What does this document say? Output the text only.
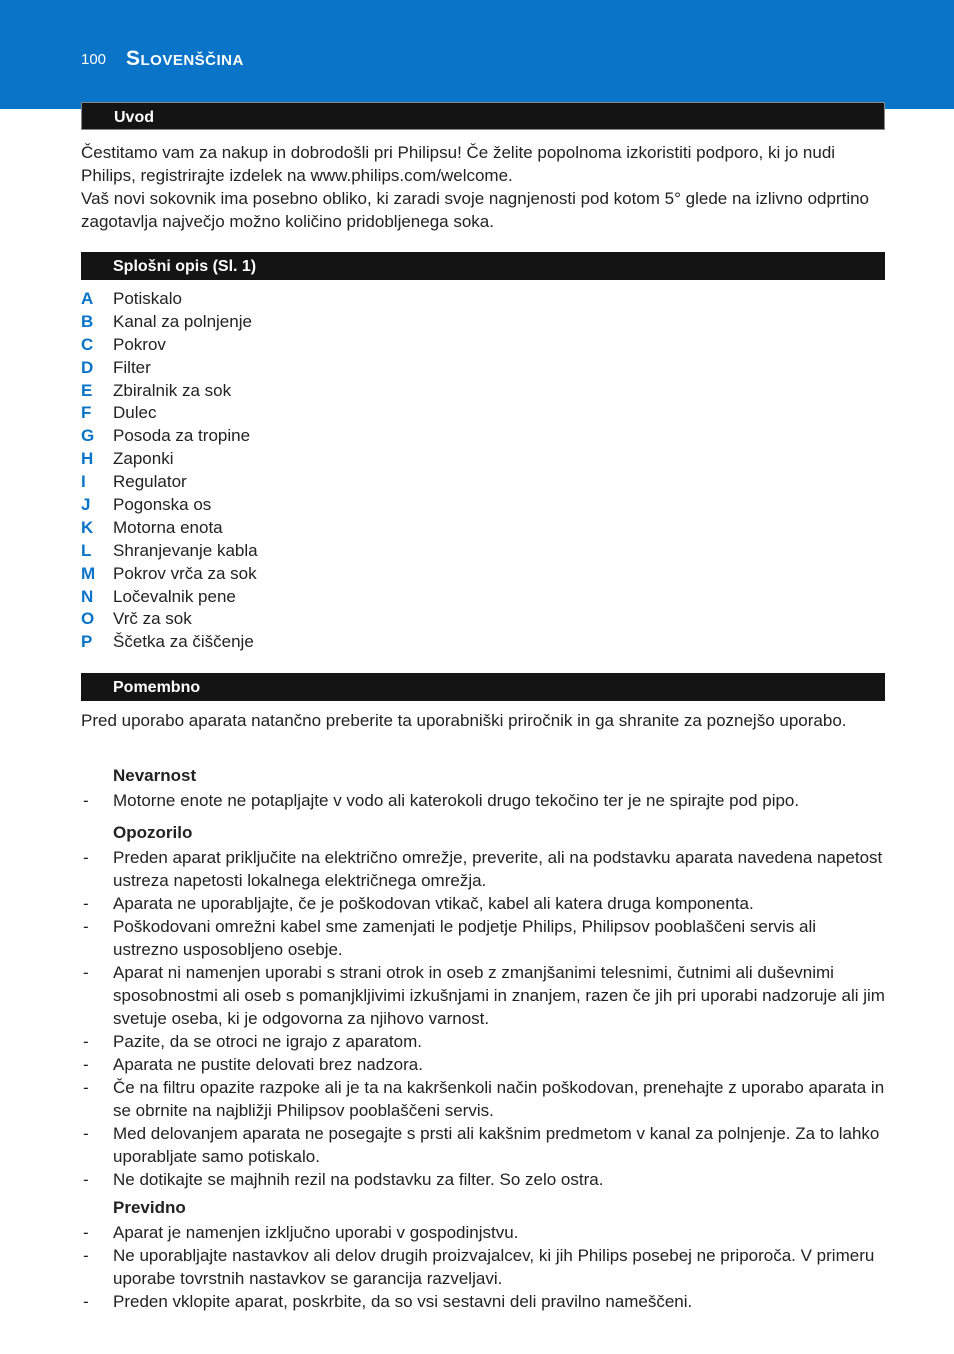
100 Slovenščina
Uvod

Čestitamo vam za nakup in dobrodošli pri Philipsu! Če želite popolnoma izkoristiti podporo, ki jo nudi Philips, registrirajte izdelek na www.philips.com/welcome.

Vaš novi sokovnik ima posebno obliko, ki zaradi svoje nagnjenosti pod kotom 5° glede na izlivno odprtino zagotavlja največjo možno količino pridobljenega soka.

Splošni opis (Sl. 1)
A Potiskalo
B Kanal za polnjenje
C Pokrov
D Filter
E Zbiralnik za sok
F Dulec
G Posoda za tropine
H Zaponki
I Regulator
J Pogonska os
K Motorna enota
L Shranjevanje kabla
M Pokrov vrča za sok
N Ločevalnik pene
O Vrč za sok
P Ščetka za čiščenje
Pomembno

Pred uporabo aparata natančno preberite ta uporabniški priročnik in ga shranite za poznejšo uporabo.

Nevarnost

- Motorne enote ne potapljajte v vodo ali katerokoli drugo tekočino ter je ne spirajte pod pipo.

Opozorilo

- Preden aparat priključite na električno omrežje, preverite, ali na podstavku aparata navedena napetost ustreza napetosti lokalnega električnega omrežja.
- Aparata ne uporabljajte, če je poškodovan vtikač, kabel ali katera druga komponenta.
- Poškodovani omrežni kabel sme zamenjati le podjetje Philips, Philipsov pooblaščeni servis ali ustrezno usposobljeno osebje.
- Aparat ni namenjen uporabi s strani otrok in oseb z zmanjšanimi telesnimi, čutnimi ali duševnimi sposobnostmi ali oseb s pomanjkljivimi izkušnjami in znanjem, razen če jih pri uporabi nadzoruje ali jim svetuje oseba, ki je odgovorna za njihovo varnost.
- Pazite, da se otroci ne igrajo z aparatom.
- Aparata ne pustite delovati brez nadzora.
- Če na filtru opazite razpoke ali je ta na kakršenkoli način poškodovan, prenehajte z uporabo aparata in se obrnite na najbližji Philipsov pooblaščeni servis.
- Med delovanjem aparata ne posegajte s prsti ali kakšnim predmetom v kanal za polnjenje. Za to lahko uporabljate samo potiskalo.
- Ne dotikajte se majhnih rezil na podstavku za filter. So zelo ostra.

Previdno

- Aparat je namenjen izključno uporabi v gospodinjstvu.
- Ne uporabljajte nastavkov ali delov drugih proizvajalcev, ki jih Philips posebej ne priporoča. V primeru uporabe tovrstnih nastavkov se garancija razveljavi.
- Preden vklopite aparat, poskrbite, da so vsi sestavni deli pravilno nameščeni.
